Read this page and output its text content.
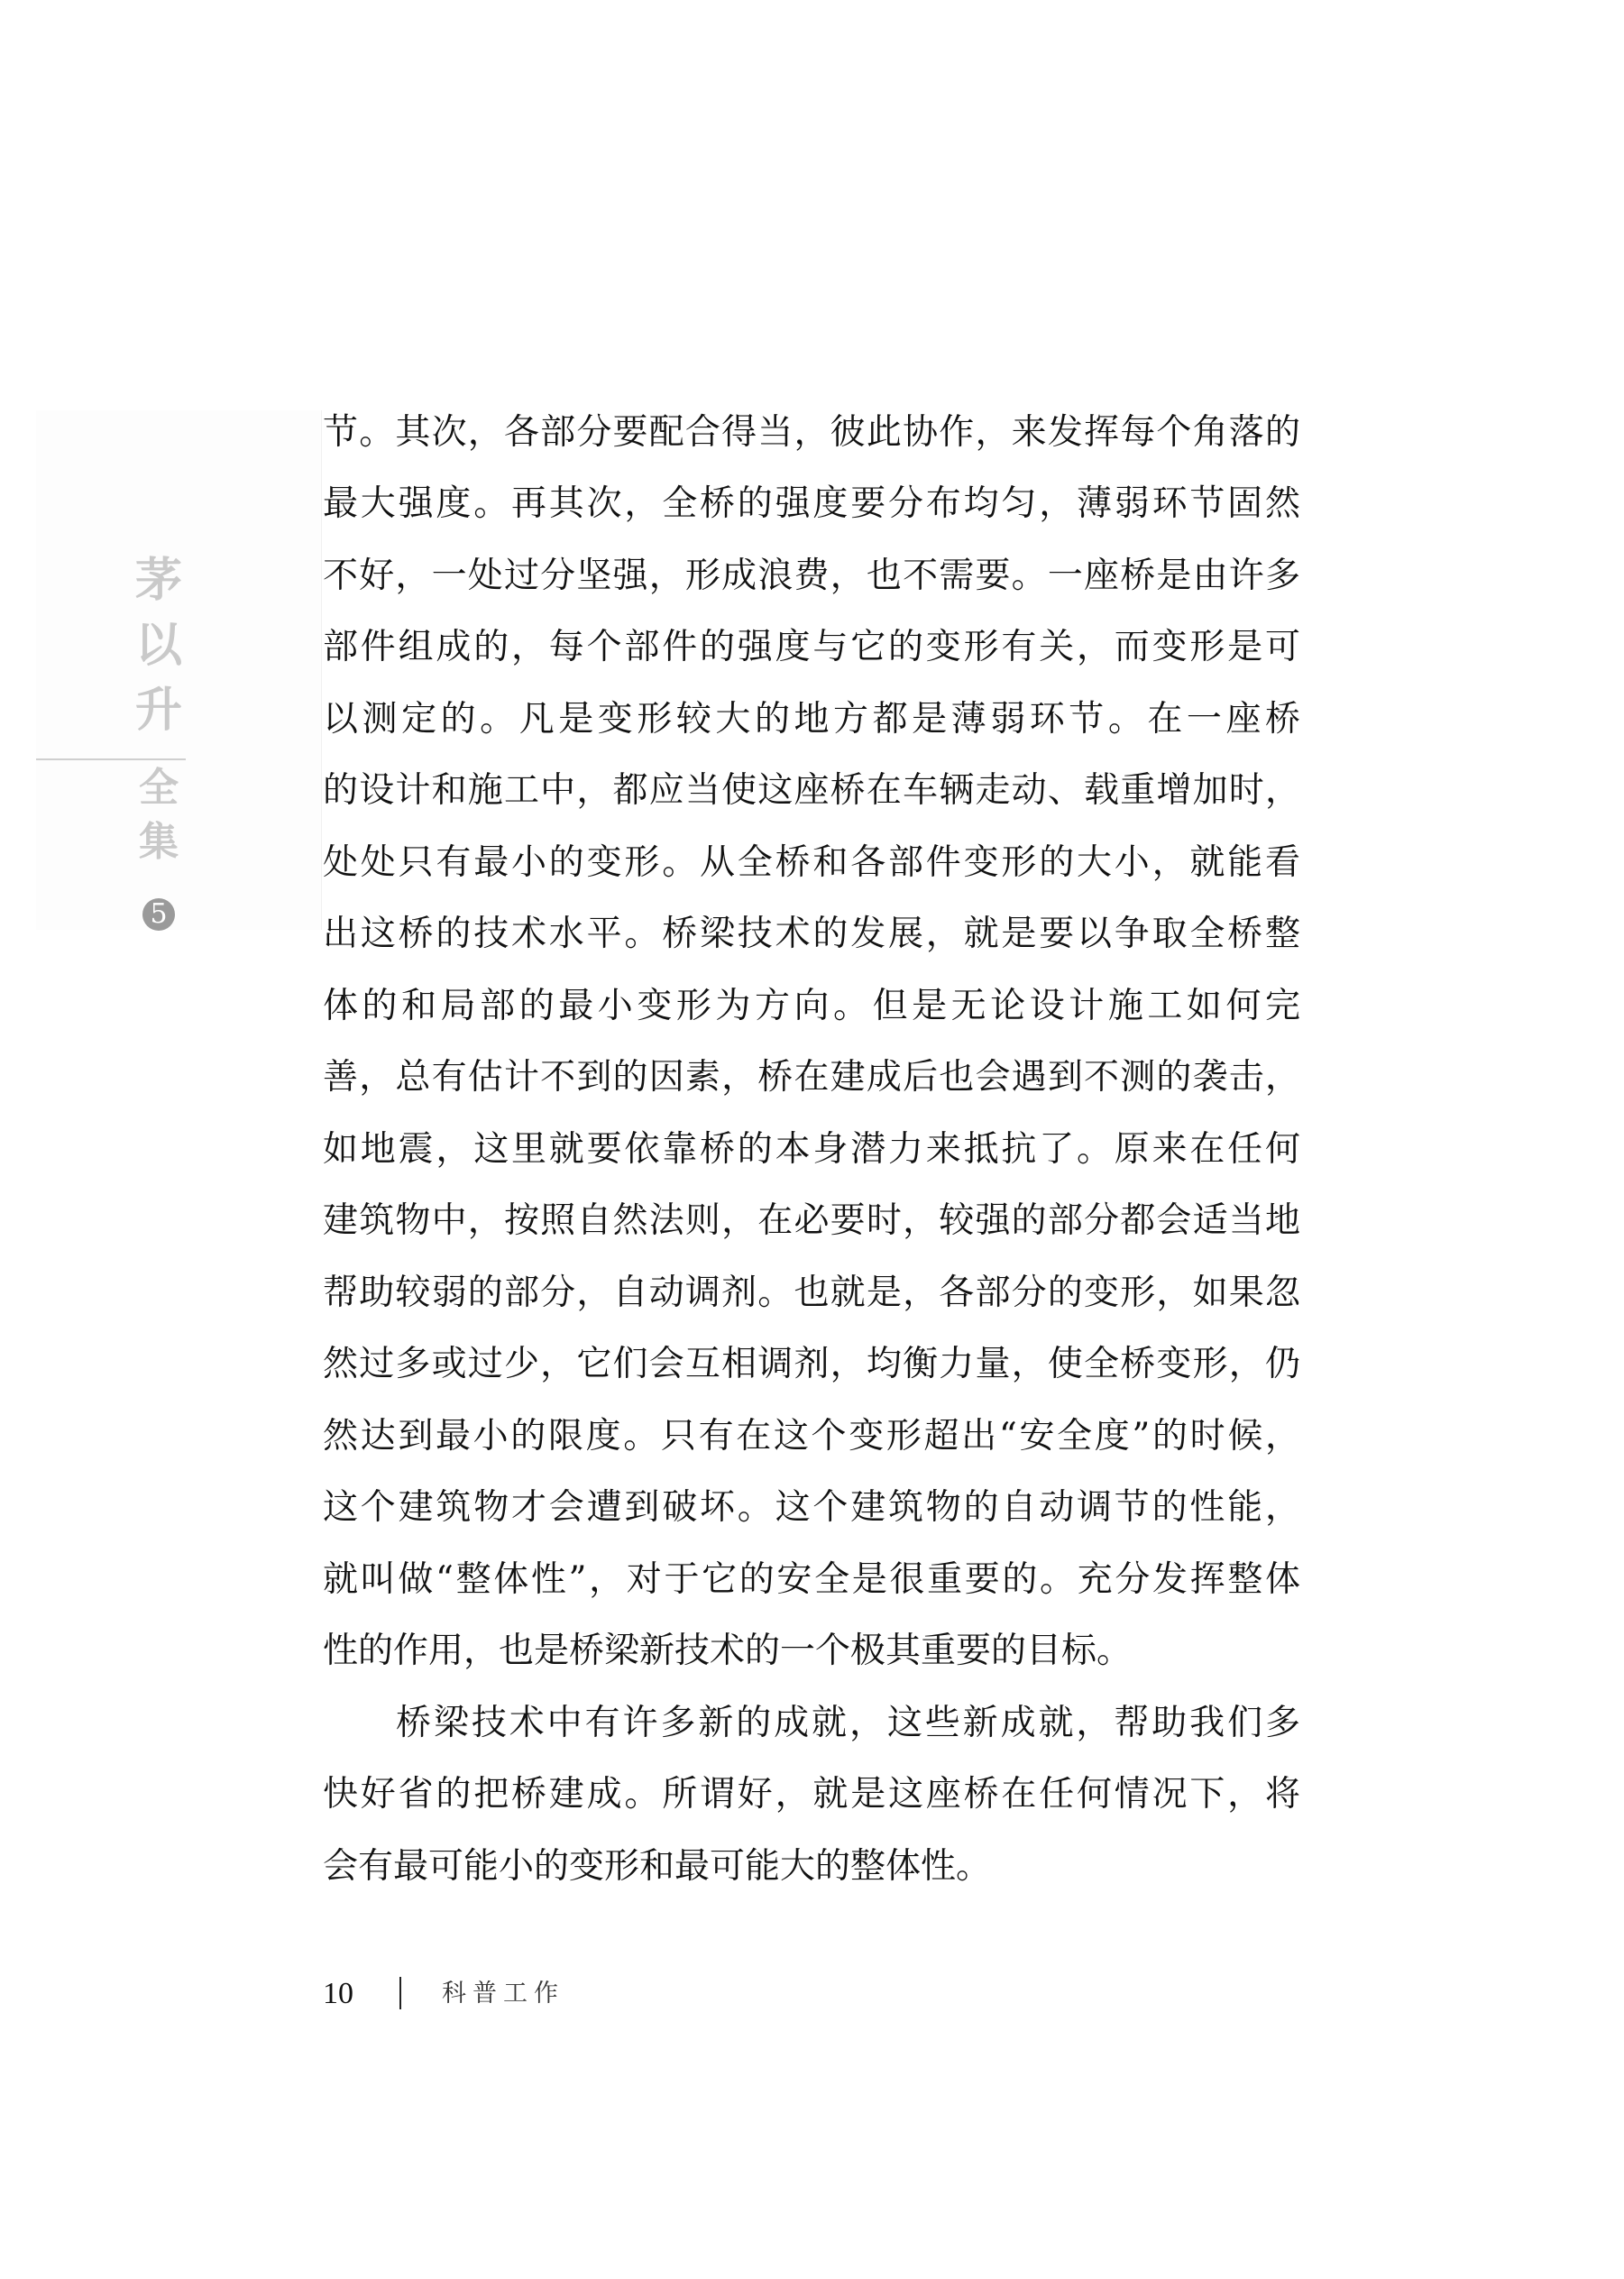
茅
以
升
全
集
5
节。其次，各部分要配合得当，彼此协作，来发挥每个角落的
最大强度。再其次，全桥的强度要分布均匀，薄弱环节固然
不好，一处过分坚强，形成浪费，也不需要。一座桥是由许多
部件组成的，每个部件的强度与它的变形有关，而变形是可
以测定的。凡是变形较大的地方都是薄弱环节。在一座桥
的设计和施工中，都应当使这座桥在车辆走动、载重增加时，
处处只有最小的变形。从全桥和各部件变形的大小，就能看
出这桥的技术水平。桥梁技术的发展，就是要以争取全桥整
体的和局部的最小变形为方向。但是无论设计施工如何完
善，总有估计不到的因素，桥在建成后也会遇到不测的袭击，
如地震，这里就要依靠桥的本身潜力来抵抗了。原来在任何
建筑物中，按照自然法则，在必要时，较强的部分都会适当地
帮助较弱的部分，自动调剂。也就是，各部分的变形，如果忽
然过多或过少，它们会互相调剂，均衡力量，使全桥变形，仍
然达到最小的限度。只有在这个变形超出“安全度”的时候，
这个建筑物才会遭到破坏。这个建筑物的自动调节的性能，
就叫做“整体性”，对于它的安全是很重要的。充分发挥整体
性的作用，也是桥梁新技术的一个极其重要的目标。
桥梁技术中有许多新的成就，这些新成就，帮助我们多
快好省的把桥建成。所谓好，就是这座桥在任何情况下，将
会有最可能小的变形和最可能大的整体性。
10	科普工作
